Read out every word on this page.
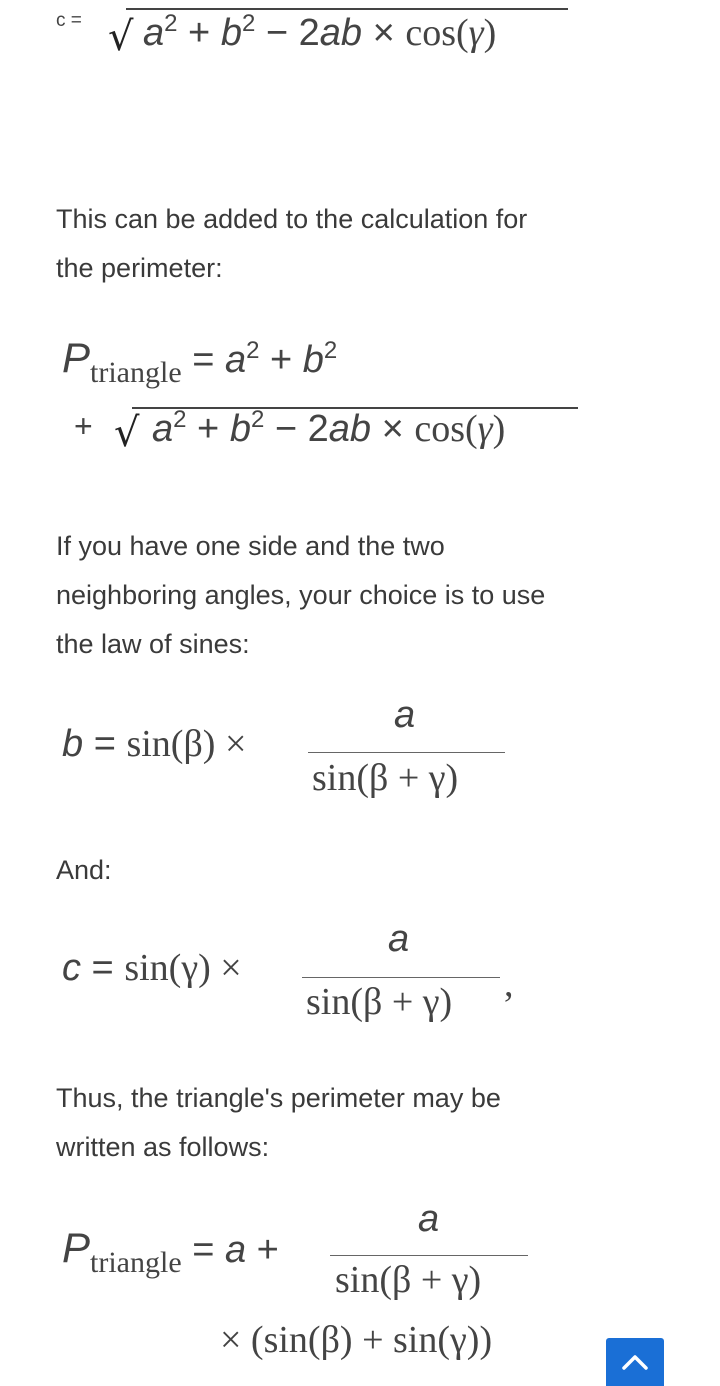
c = √ $a^2 + b^2 - 2ab \times \cos(\gamma)$
This can be added to the calculation for
the perimeter:
$P_{triangle} = a^2 + b^2$
+ √ $a^2 + b^2 - 2ab \times \cos(\gamma)$
If you have one side and the two
neighboring angles, your choice is to use
the law of sines:
b = sin(β) ×
a
sin(β + γ)
And:
c = sin(γ) ×
a
sin(β + γ) ,
Thus, the triangle's perimeter may be
written as follows:
$P_{triangle} = a$ +
a
sin(β + γ)
× (sin(β) + sin(γ))
